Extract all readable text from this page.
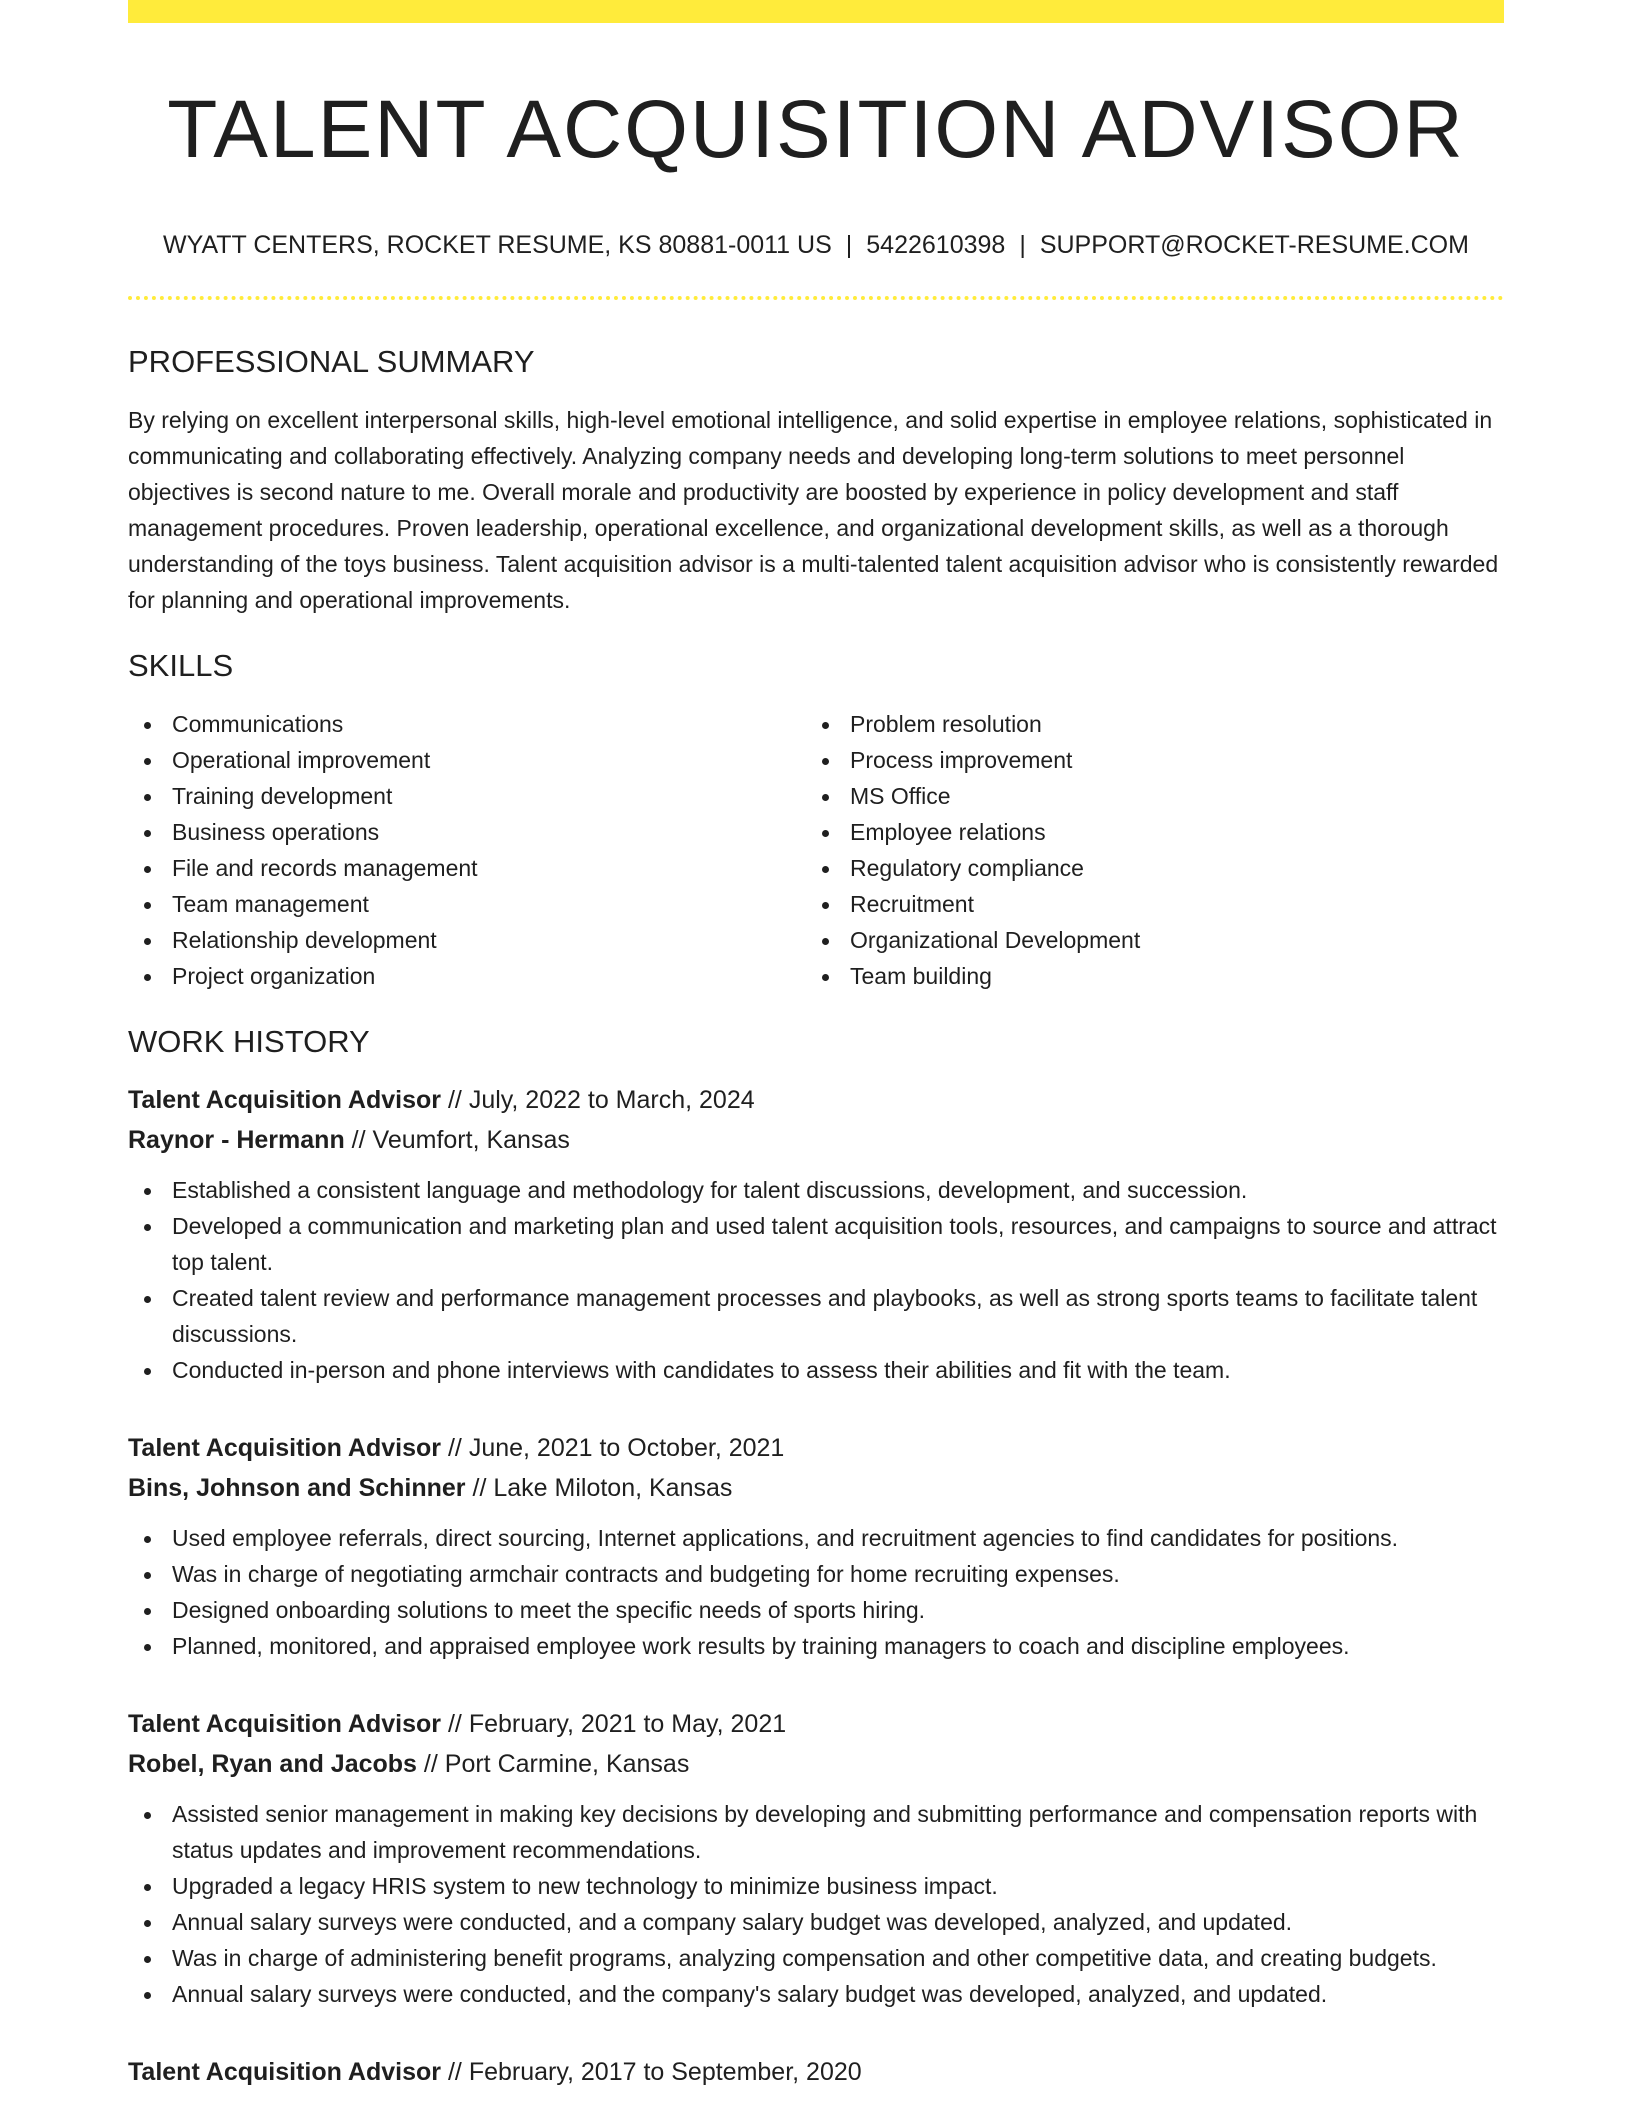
TALENT ACQUISITION ADVISOR
WYATT CENTERS, ROCKET RESUME, KS 80881-0011 US | 5422610398 | SUPPORT@ROCKET-RESUME.COM
PROFESSIONAL SUMMARY

By relying on excellent interpersonal skills, high-level emotional intelligence, and solid expertise in employee relations, sophisticated in communicating and collaborating effectively. Analyzing company needs and developing long-term solutions to meet personnel objectives is second nature to me. Overall morale and productivity are boosted by experience in policy development and staff management procedures. Proven leadership, operational excellence, and organizational development skills, as well as a thorough understanding of the toys business. Talent acquisition advisor is a multi-talented talent acquisition advisor who is consistently rewarded for planning and operational improvements.

SKILLS
Communications
Operational improvement
Training development
Business operations
File and records management
Team management
Relationship development
Project organization
Problem resolution
Process improvement
MS Office
Employee relations
Regulatory compliance
Recruitment
Organizational Development
Team building
WORK HISTORY
Talent Acquisition Advisor // July, 2022 to March, 2024
Raynor - Hermann // Veumfort, Kansas
Established a consistent language and methodology for talent discussions, development, and succession.
Developed a communication and marketing plan and used talent acquisition tools, resources, and campaigns to source and attract top talent.
Created talent review and performance management processes and playbooks, as well as strong sports teams to facilitate talent discussions.
Conducted in-person and phone interviews with candidates to assess their abilities and fit with the team.
Talent Acquisition Advisor // June, 2021 to October, 2021
Bins, Johnson and Schinner // Lake Miloton, Kansas
Used employee referrals, direct sourcing, Internet applications, and recruitment agencies to find candidates for positions.
Was in charge of negotiating armchair contracts and budgeting for home recruiting expenses.
Designed onboarding solutions to meet the specific needs of sports hiring.
Planned, monitored, and appraised employee work results by training managers to coach and discipline employees.
Talent Acquisition Advisor // February, 2021 to May, 2021
Robel, Ryan and Jacobs // Port Carmine, Kansas
Assisted senior management in making key decisions by developing and submitting performance and compensation reports with status updates and improvement recommendations.
Upgraded a legacy HRIS system to new technology to minimize business impact.
Annual salary surveys were conducted, and a company salary budget was developed, analyzed, and updated.
Was in charge of administering benefit programs, analyzing compensation and other competitive data, and creating budgets.
Annual salary surveys were conducted, and the company's salary budget was developed, analyzed, and updated.
Talent Acquisition Advisor // February, 2017 to September, 2020
